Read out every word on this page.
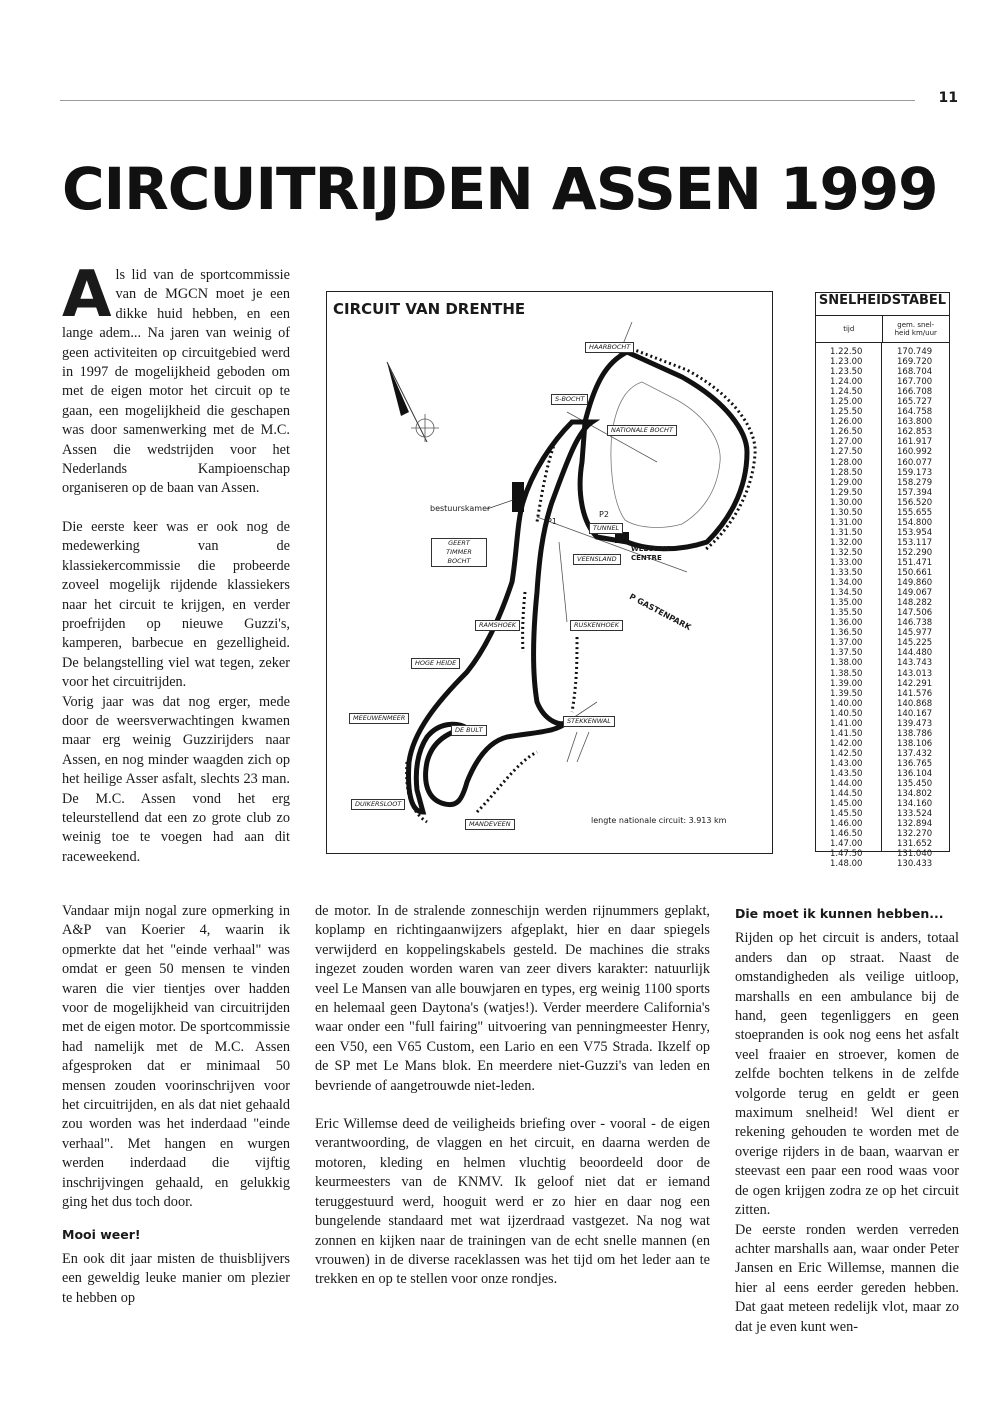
11
CIRCUITRIJDEN ASSEN 1999

Als lid van de sportcommissie van de MGCN moet je een dikke huid hebben, en een lange adem... Na jaren van weinig of geen activiteiten op circuitgebied werd in 1997 de mogelijkheid geboden om met de eigen motor het circuit op te gaan, een mogelijkheid die geschapen was door samenwerking met de M.C. Assen die wedstrijden voor het Nederlands Kampioenschap organiseren op de baan van Assen.

Die eerste keer was er ook nog de medewerking van de klassiekercommissie die probeerde zoveel mogelijk rijdende klassiekers naar het circuit te krijgen, en verder proefrijden op nieuwe Guzzi's, kamperen, barbecue en gezelligheid. De belangstelling viel wat tegen, zeker voor het circuitrijden.

Vorig jaar was dat nog erger, mede door de weersverwachtingen kwamen maar erg weinig Guzzirijders naar Assen, en nog minder waagden zich op het heilige Asser asfalt, slechts 23 man. De M.C. Assen vond het erg teleurstellend dat een zo grote club zo weinig toe te voegen had aan dit raceweekend.

Vandaar mijn nogal zure opmerking in A&P van Koerier 4, waarin ik opmerkte dat het "einde verhaal" was omdat er geen 50 mensen te vinden waren die vier tientjes over hadden voor de mogelijkheid van circuitrijden met de eigen motor. De sportcommissie had namelijk met de M.C. Assen afgesproken dat er minimaal 50 mensen zouden voorinschrijven voor het circuitrijden, en als dat niet gehaald zou worden was het inderdaad "einde verhaal". Met hangen en wurgen werden inderdaad die vijftig inschrijvingen gehaald, en gelukkig ging het dus toch door.

Mooi weer!

En ook dit jaar misten de thuisblijvers een geweldig leuke manier om plezier te hebben op

de motor. In de stralende zonneschijn werden rijnummers geplakt, koplamp en richtingaanwijzers afgeplakt, hier en daar spiegels verwijderd en koppelingskabels gesteld. De machines die straks ingezet zouden worden waren van zeer divers karakter: natuurlijk veel Le Mansen van alle bouwjaren en types, erg weinig 1100 sports en helemaal geen Daytona's (watjes!). Verder meerdere California's waar onder een "full fairing" uitvoering van penningmeester Henry, een V50, een V65 Custom, een Lario en een V75 Strada. Ikzelf op de SP met Le Mans blok. En meerdere niet-Guzzi's van leden en bevriende of aangetrouwde niet-leden.

Eric Willemse deed de veiligheids briefing over - vooral - de eigen verantwoording, de vlaggen en het circuit, en daarna werden de motoren, kleding en helmen vluchtig beoordeeld door de keurmeesters van de KNMV. Ik geloof niet dat er iemand teruggestuurd werd, hooguit werd er zo hier en daar nog een bungelende standaard met wat ijzerdraad vastgezet. Na nog wat zonnen en kijken naar de trainingen van de echt snelle mannen (en vrouwen) in de diverse raceklassen was het tijd om het leder aan te trekken en op te stellen voor onze rondjes.

Die moet ik kunnen hebben...

Rijden op het circuit is anders, totaal anders dan op straat. Naast de omstandigheden als veilige uitloop, marshalls en een ambulance bij de hand, geen tegenliggers en geen stoepranden is ook nog eens het asfalt veel fraaier en stroever, komen de zelfde bochten telkens in de zelfde volgorde terug en geldt er geen maximum snelheid! Wel dient er rekening gehouden te worden met de overige rijders in de baan, waarvan er steevast een paar een rood waas voor de ogen krijgen zodra ze op het circuit zitten.

De eerste ronden werden verreden achter marshalls aan, waar onder Peter Jansen en Eric Willemse, mannen die hier al eens eerder gereden hebben. Dat gaat meteen redelijk vlot, maar zo dat je even kunt wen-

CIRCUIT VAN DRENTHE
HAARBOCHT
S-BOCHT
NATIONALE BOCHT
TUNNEL
VEENSLAND
GEERT TIMMER BOCHT
RAMSHOEK	RUSKENHOEK
HOGE HEIDE
MEEUWENMEER
DE BULT
STEKKENWAL
DUIKERSLOOT
MANDEVEEN
bestuurskamer
P1
P2
WELCOME
CENTRE
P GASTENPARK
lengte nationale circuit: 3.913 km
SNELHEIDSTABEL
tijd	gem. snel-
heid km/uur
1.22.50
1.23.00
1.23.50
1.24.00
1.24.50
1.25.00
1.25.50
1.26.00
1.26.50
1.27.00
1.27.50
1.28.00
1.28.50
1.29.00
1.29.50
1.30.00
1.30.50
1.31.00
1.31.50
1.32.00
1.32.50
1.33.00
1.33.50
1.34.00
1.34.50
1.35.00
1.35.50
1.36.00
1.36.50
1.37.00
1.37.50
1.38.00
1.38.50
1.39.00
1.39.50
1.40.00
1.40.50
1.41.00
1.41.50
1.42.00
1.42.50
1.43.00
1.43.50
1.44.00
1.44.50
1.45.00
1.45.50
1.46.00
1.46.50
1.47.00
1.47.50
1.48.00
170.749
169.720
168.704
167.700
166.708
165.727
164.758
163.800
162.853
161.917
160.992
160.077
159.173
158.279
157.394
156.520
155.655
154.800
153.954
153.117
152.290
151.471
150.661
149.860
149.067
148.282
147.506
146.738
145.977
145.225
144.480
143.743
143.013
142.291
141.576
140.868
140.167
139.473
138.786
138.106
137.432
136.765
136.104
135.450
134.802
134.160
133.524
132.894
132.270
131.652
131.040
130.433
